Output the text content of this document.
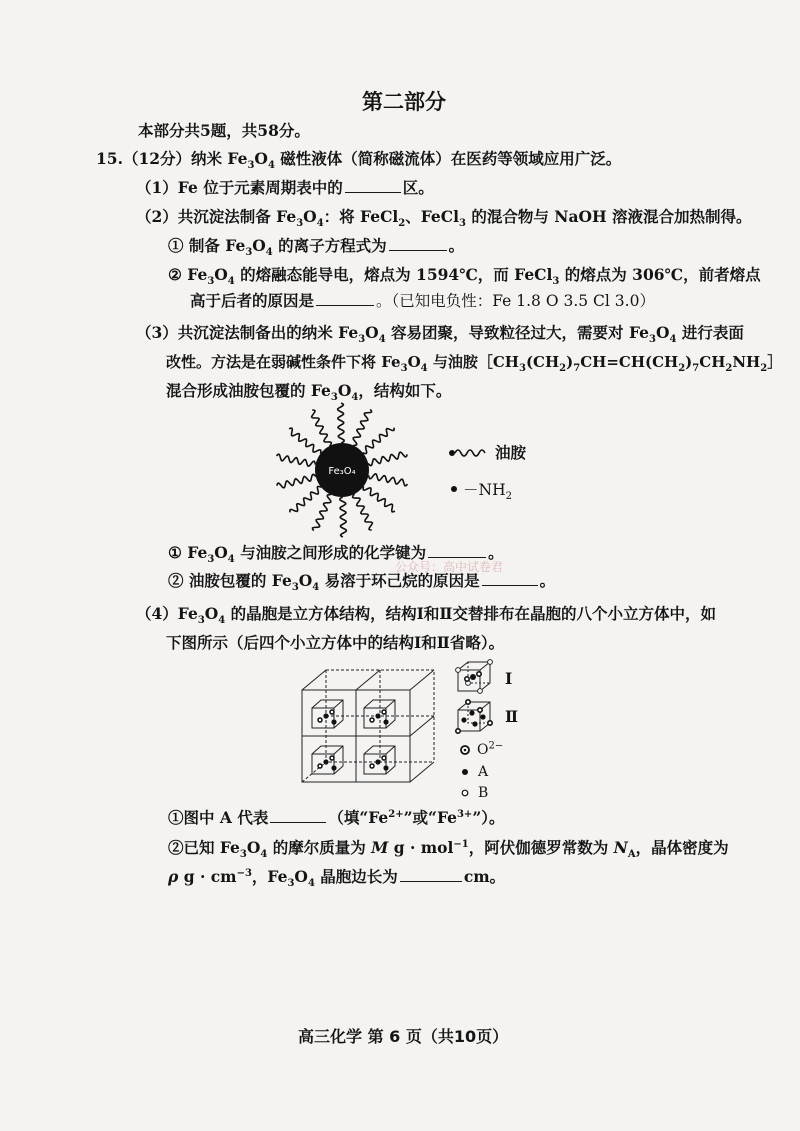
第二部分
本部分共5题，共58分。
15.（12分）纳米 $Fe_3O_4$ 磁性液体（简称磁流体）在医药等领域应用广泛。
（1）Fe 位于元素周期表中的	区。
（2）共沉淀法制备 $Fe_3O_4$：将 FeCl$_2$、FeCl$_3$ 的混合物与 NaOH 溶液混合加热制得。
① 制备 $Fe_3O_4$ 的离子方程式为	。
② $Fe_3O_4$ 的熔融态能导电，熔点为 1594℃，而 FeCl$_3$ 的熔点为 306℃，前者熔点
高于后者的原因是	。（已知电负性：Fe 1.8 O 3.5 Cl 3.0）
（3）共沉淀法制备出的纳米 $Fe_3O_4$ 容易团聚，导致粒径过大，需要对 $Fe_3O_4$ 进行表面
改性。方法是在弱碱性条件下将 $Fe_3O_4$ 与油胺$[CH_3(CH_2)_7CH=CH(CH_2)_7CH_2NH_2]$
混合形成油胺包覆的 $Fe_3O_4$，结构如下。
Fe₃O₄
油胺
$-NH_2$
① $Fe_3O_4$ 与油胺之间形成的化学键为	。
② 油胺包覆的 $Fe_3O_4$ 易溶于环己烷的原因是	。
公众号：高中试卷君
$(4)Fe_3O_4$ 的晶胞是立方体结构，结构Ⅰ和Ⅱ交替排布在晶胞的八个小立方体中，如
下图所示（后四个小立方体中的结构Ⅰ和Ⅱ省略）。
Ⅰ
Ⅱ
$O^{2-}$
A
B
①图中 A 代表	（填“$Fe^{2+}$”或“$Fe^{3+}$”）。
②已知 $Fe_3O_4$ 的摩尔质量为 M g · mol$^{-1}$，阿伏伽德罗常数为 $N_A$，晶体密度为
ρ $g \cdot cm^{-3}$，$Fe_3O_4$ 晶胞边长为	cm。
高三化学 第 6 页（共10页）
